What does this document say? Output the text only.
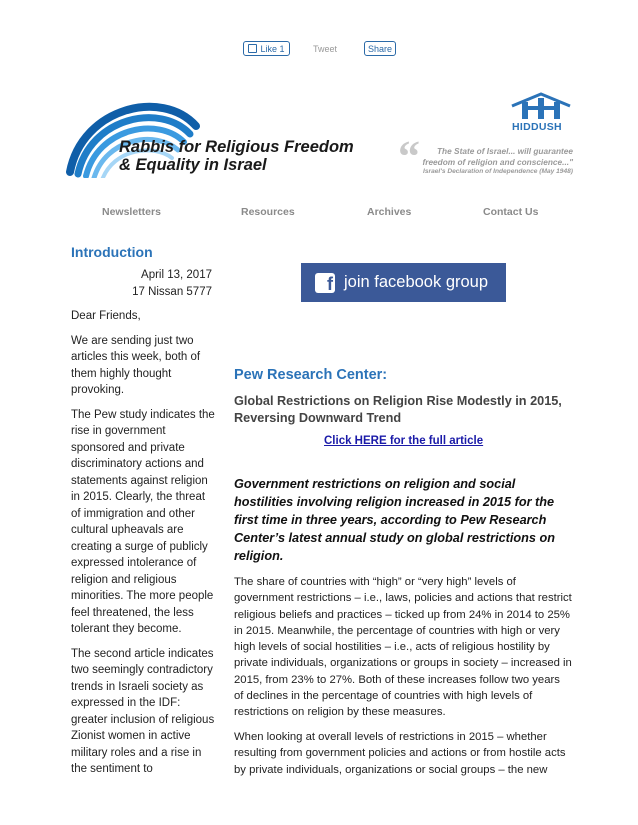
Like 1	Tweet	Share
Rabbis for Religious Freedom
& Equality in Israel	“	The State of Israel... will guarantee
freedom of religion and conscience..."
Israel's Declaration of Independence (May 1948)
HIDDUSH
Newsletters	Resources	Archives	Contact Us
Introduction
April 13, 2017
17 Nissan 5777

Dear Friends,

We are sending just two articles this week, both of them highly thought provoking.

The Pew study indicates the rise in government sponsored and private discriminatory actions and statements against religion in 2015. Clearly, the threat of immigration and other cultural upheavals are creating a surge of publicly expressed intolerance of religion and religious minorities. The more people feel threatened, the less tolerant they become.

The second article indicates two seemingly contradictory trends in Israeli society as expressed in the IDF: greater inclusion of religious Zionist women in active military roles and a rise in the sentiment to

f join facebook group
Pew Research Center:
Global Restrictions on Religion Rise Modestly in 2015, Reversing Downward Trend
Click HERE for the full article
Government restrictions on religion and social hostilities involving religion increased in 2015 for the first time in three years, according to Pew Research Center’s latest annual study on global restrictions on religion.
The share of countries with “high” or “very high” levels of government restrictions – i.e., laws, policies and actions that restrict religious beliefs and practices – ticked up from 24% in 2014 to 25% in 2015. Meanwhile, the percentage of countries with high or very high levels of social hostilities – i.e., acts of religious hostility by private individuals, organizations or groups in society – increased in 2015, from 23% to 27%. Both of these increases follow two years of declines in the percentage of countries with high levels of restrictions on religion by these measures.
When looking at overall levels of restrictions in 2015 – whether resulting from government policies and actions or from hostile acts by private individuals, organizations or social groups – the new
